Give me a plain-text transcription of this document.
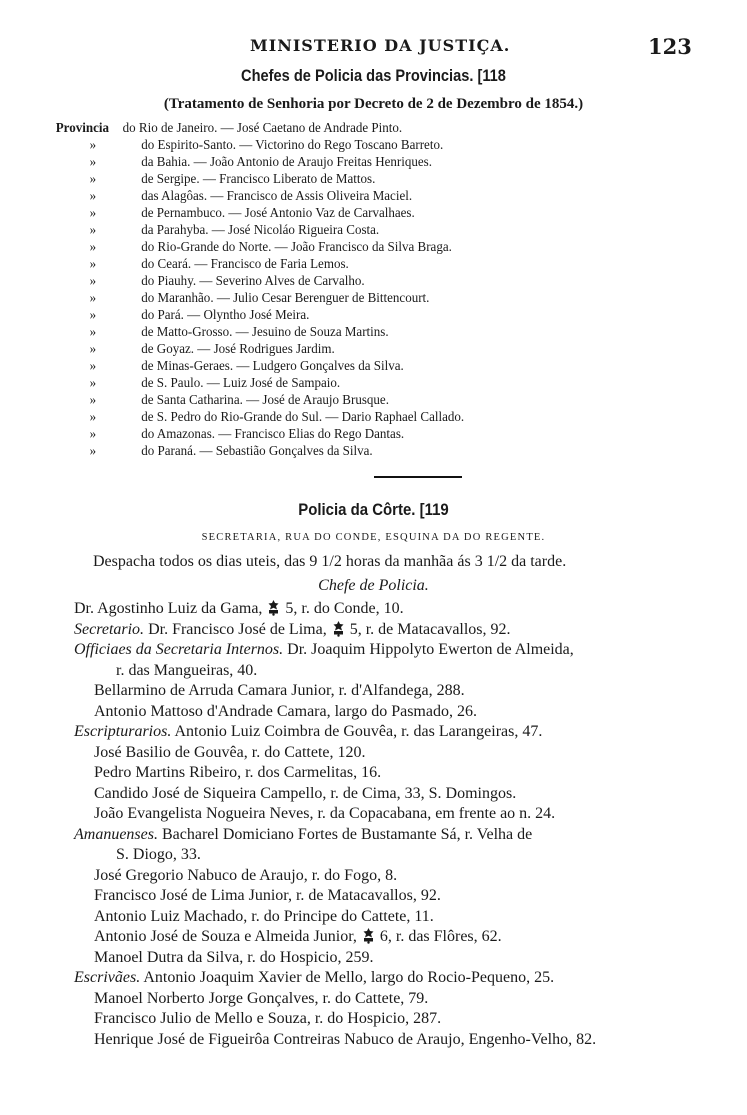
MINISTERIO DA JUSTIÇA.	123
Chefes de Policia das Provincias. [118
(Tratamento de Senhoria por Decreto de 2 de Dezembro de 1854.)
Provincia do Rio de Janeiro. — José Caetano de Andrade Pinto.
»	do Espirito-Santo. — Victorino do Rego Toscano Barreto.
»	da Bahia. — João Antonio de Araujo Freitas Henriques.
»	de Sergipe. — Francisco Liberato de Mattos.
»	das Alagôas. — Francisco de Assis Oliveira Maciel.
»	de Pernambuco. — José Antonio Vaz de Carvalhaes.
»	da Parahyba. — José Nicoláo Rigueira Costa.
»	do Rio-Grande do Norte. — João Francisco da Silva Braga.
»	do Ceará. — Francisco de Faria Lemos.
»	do Piauhy. — Severino Alves de Carvalho.
»	do Maranhão. — Julio Cesar Berenguer de Bittencourt.
»	do Pará. — Olyntho José Meira.
»	de Matto-Grosso. — Jesuino de Souza Martins.
»	de Goyaz. — José Rodrigues Jardim.
»	de Minas-Geraes. — Ludgero Gonçalves da Silva.
»	de S. Paulo. — Luiz José de Sampaio.
»	de Santa Catharina. — José de Araujo Brusque.
»	de S. Pedro do Rio-Grande do Sul. — Dario Raphael Callado.
»	do Amazonas. — Francisco Elias do Rego Dantas.
»	do Paraná. — Sebastião Gonçalves da Silva.
Policia da Côrte. [119
SECRETARIA, RUA DO CONDE, ESQUINA DA DO REGENTE.
Despacha todos os dias uteis, das 9 1/2 horas da manhãa ás 3 1/2 da tarde.
Chefe de Policia.
Dr. Agostinho Luiz da Gama,  5, r. do Conde, 10.
Secretario. Dr. Francisco José de Lima,  5, r. de Matacavallos, 92.
Officiaes da Secretaria Internos. Dr. Joaquim Hippolyto Ewerton de Almeida,
r. das Mangueiras, 40.
Bellarmino de Arruda Camara Junior, r. d'Alfandega, 288.
Antonio Mattoso d'Andrade Camara, largo do Pasmado, 26.
Escripturarios. Antonio Luiz Coimbra de Gouvêa, r. das Larangeiras, 47.
José Basilio de Gouvêa, r. do Cattete, 120.
Pedro Martins Ribeiro, r. dos Carmelitas, 16.
Candido José de Siqueira Campello, r. de Cima, 33, S. Domingos.
João Evangelista Nogueira Neves, r. da Copacabana, em frente ao n. 24.
Amanuenses. Bacharel Domiciano Fortes de Bustamante Sá, r. Velha de
S. Diogo, 33.
José Gregorio Nabuco de Araujo, r. do Fogo, 8.
Francisco José de Lima Junior, r. de Matacavallos, 92.
Antonio Luiz Machado, r. do Principe do Cattete, 11.
Antonio José de Souza e Almeida Junior,  6, r. das Flôres, 62.
Manoel Dutra da Silva, r. do Hospicio, 259.
Escrivães. Antonio Joaquim Xavier de Mello, largo do Rocio-Pequeno, 25.
Manoel Norberto Jorge Gonçalves, r. do Cattete, 79.
Francisco Julio de Mello e Souza, r. do Hospicio, 287.
Henrique José de Figueirôa Contreiras Nabuco de Araujo, Engenho-Velho, 82.
